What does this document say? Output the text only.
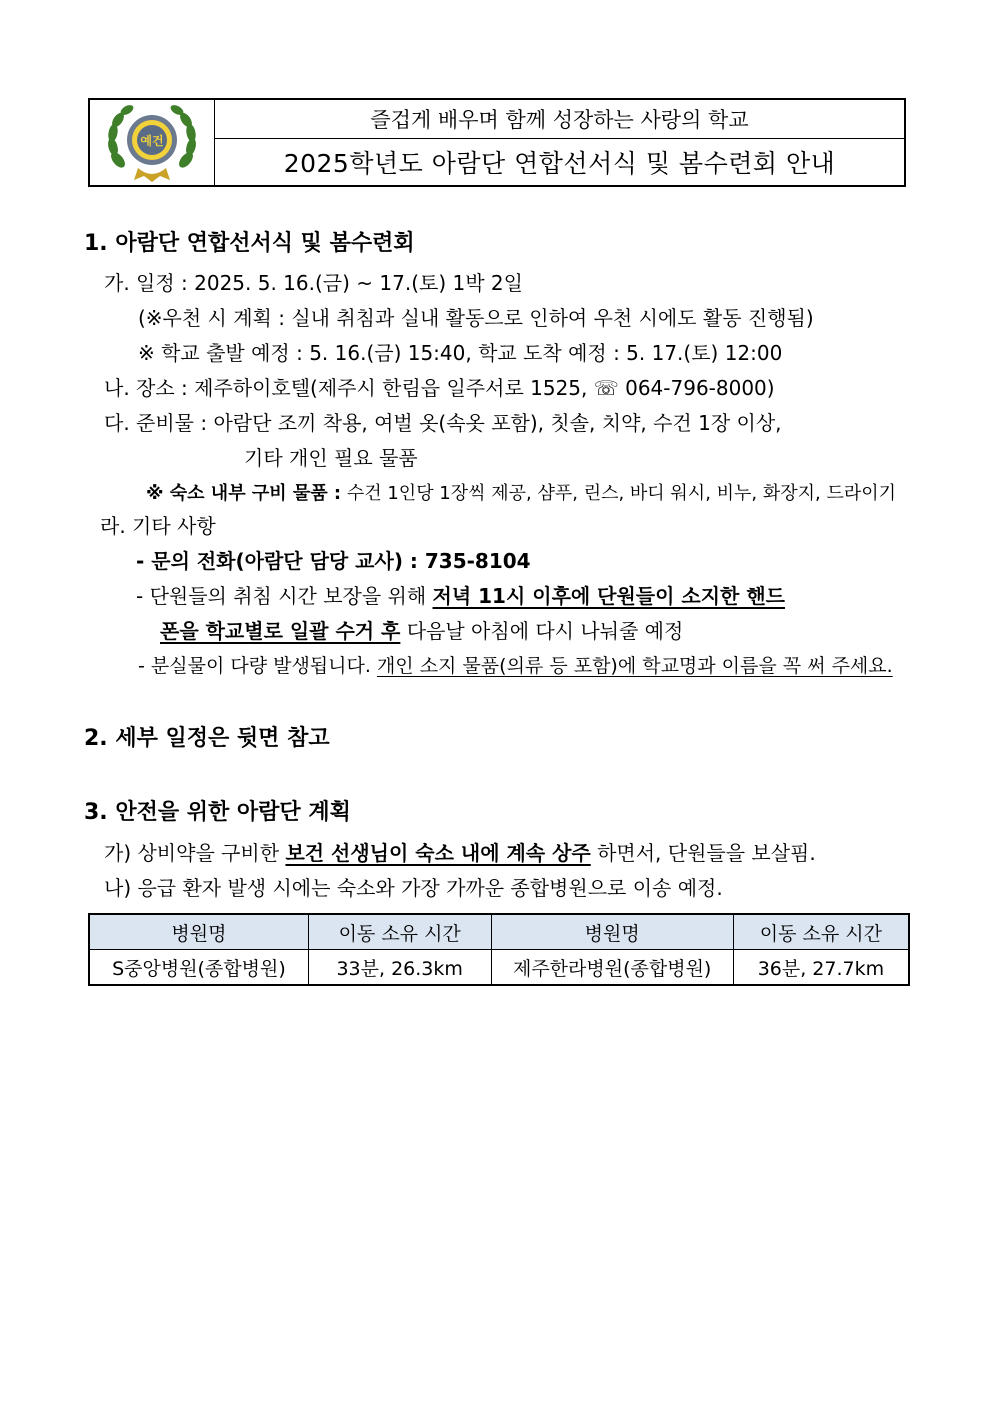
예건
즐겁게 배우며 함께 성장하는 사랑의 학교
2025학년도 아람단 연합선서식 및 봄수련회 안내
1. 아람단 연합선서식 및 봄수련회
가. 일정 : 2025. 5. 16.(금) ~ 17.(토) 1박 2일
(※우천 시 계획 : 실내 취침과 실내 활동으로 인하여 우천 시에도 활동 진행됨)
※ 학교 출발 예정 : 5. 16.(금) 15:40, 학교 도착 예정 : 5. 17.(토) 12:00
나. 장소 : 제주하이호텔(제주시 한림읍 일주서로 1525, ☏ 064-796-8000)
다. 준비물 : 아람단 조끼 착용, 여벌 옷(속옷 포함), 칫솔, 치약, 수건 1장 이상,
기타 개인 필요 물품
※ 숙소 내부 구비 물품 : 수건 1인당 1장씩 제공, 샴푸, 린스, 바디 워시, 비누, 화장지, 드라이기
라. 기타 사항
- 문의 전화(아람단 담당 교사) : 735-8104
- 단원들의 취침 시간 보장을 위해 저녁 11시 이후에 단원들이 소지한 핸드
폰을 학교별로 일괄 수거 후 다음날 아침에 다시 나눠줄 예정
- 분실물이 다량 발생됩니다. 개인 소지 물품(의류 등 포함)에 학교명과 이름을 꼭 써 주세요.
2. 세부 일정은 뒷면 참고
3. 안전을 위한 아람단 계획
가) 상비약을 구비한 보건 선생님이 숙소 내에 계속 상주 하면서, 단원들을 보살핌.
나) 응급 환자 발생 시에는 숙소와 가장 가까운 종합병원으로 이송 예정.
병원명	이동 소유 시간	병원명	이동 소유 시간
S중앙병원(종합병원)	33분, 26.3km	제주한라병원(종합병원)	36분, 27.7km
